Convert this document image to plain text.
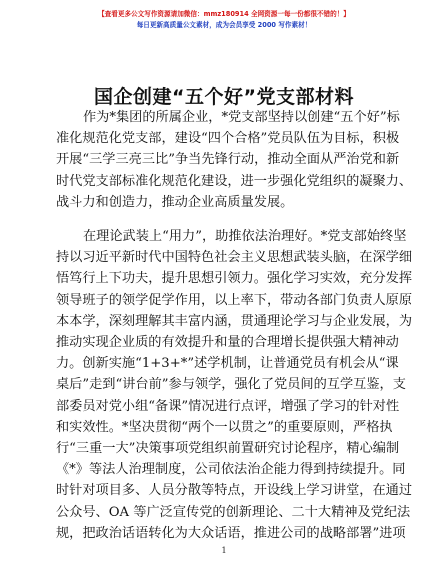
【查看更多公文写作资源请加微信：mmz180914 全网资源一每一份都很不错的！】
每日更新高质量公文素材，成为会员享受 2000 写作素材！
国企创建“五个好”党支部材料

作为*集团的所属企业，*党支部坚持以创建“五个好”标
准化规范化党支部，建设“四个合格”党员队伍为目标，积极
开展“三学三亮三比”争当先锋行动，推动全面从严治党和新
时代党支部标准化规范化建设，进一步强化党组织的凝聚力、
战斗力和创造力，推动企业高质量发展。

在理论武装上“用力”，助推依法治理好。*党支部始终坚
持以习近平新时代中国特色社会主义思想武装头脑，在深学细
悟笃行上下功夫，提升思想引领力。强化学习实效，充分发挥
领导班子的领学促学作用，以上率下，带动各部门负责人原原
本本学，深刻理解其丰富内涵，贯通理论学习与企业发展，为
推动实现企业质的有效提升和量的合理增长提供强大精神动
力。创新实施“1+3+*”述学机制，让普通党员有机会从“课
桌后”走到“讲台前”参与领学，强化了党员间的互学互鉴，支
部委员对党小组“备课”情况进行点评，增强了学习的针对性
和实效性。*坚决贯彻“两个一以贯之”的重要原则，严格执
行“三重一大”决策事项党组织前置研究讨论程序，精心编制
《*》等法人治理制度，公司依法治企能力得到持续提升。同
时针对项目多、人员分散等特点，开设线上学习讲堂，在通过
公众号、OA 等广泛宣传党的创新理论、二十大精神及党纪法
规，把政治话语转化为大众话语，推进公司的战略部署”进项

1
